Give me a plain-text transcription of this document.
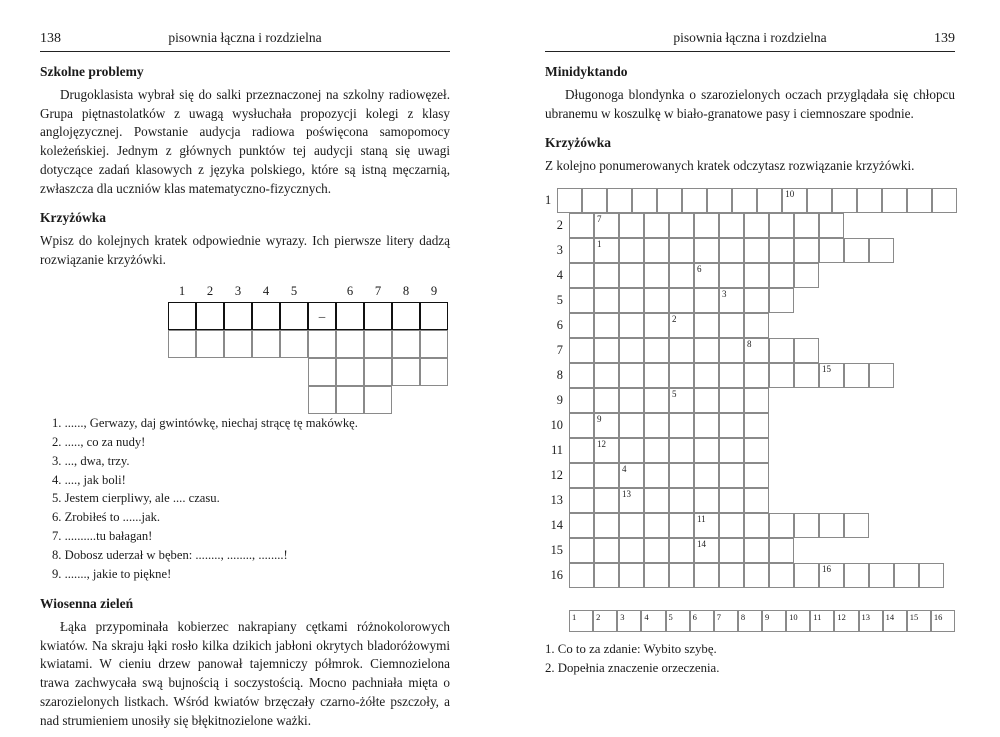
138	pisownia łączna i rozdzielna
Szkolne problemy

Drugoklasista wybrał się do salki przeznaczonej na szkolny radiowęzeł. Grupa piętnastolatków z uwagą wysłuchała propozycji kolegi z klasy anglojęzycznej. Powstanie audycja radiowa poświęcona samopomocy koleżeńskiej. Jednym z głównych punktów tej audycji staną się uwagi dotyczące zadań klasowych z języka polskiego, które są istną męczarnią, zwłaszcza dla uczniów klas matematyczno-fizycznych.

Krzyżówka

Wpisz do kolejnych kratek odpowiednie wyrazy. Ich pierwsze litery dadzą rozwiązanie krzyżówki.

1	2	3	4	5	6	7	8	9
–
1. ......, Gerwazy, daj gwintówkę, niechaj strącę tę makówkę.
2. ....., co za nudy!
3. ..., dwa, trzy.
4. ...., jak boli!
5. Jestem cierpliwy, ale .... czasu.
6. Zrobiłeś to ......jak.
7. ..........tu bałagan!
8. Dobosz uderzał w bęben: ........, ........, ........!
9. ......., jakie to piękne!
Wiosenna zieleń

Łąka przypominała kobierzec nakrapiany cętkami różnokolorowych kwiatów. Na skraju łąki rosło kilka dzikich jabłoni okrytych bladoróżowymi kwiatami. W cieniu drzew panował tajemniczy półmrok. Ciemnozielona trawa zachwycała swą bujnością i soczystością. Mocno pachniała mięta o szarozielonych listkach. Wśród kwiatów brzęczały czarno-żółte pszczoły, a nad strumieniem unosiły się błękitnozielone ważki.

pisownia łączna i rozdzielna	139
Minidyktando

Długonoga blondynka o szarozielonych oczach przyglądała się chłopcu ubranemu w koszulkę w biało-granatowe pasy i ciemnoszare spodnie.

Krzyżówka

Z kolejno ponumerowanych kratek odczytasz rozwiązanie krzyżówki.

1	10
2	7
3	1
4	6
5	3
6	2
7	8
8	15
9	5
10	9
11	12
12	4
13	13
14	11
15	14
16	16
1 2 3 4 5 6 7 8 9 10 11 12 13 14 15 16
1. Co to za zdanie: Wybito szybę.
2. Dopełnia znaczenie orzeczenia.
